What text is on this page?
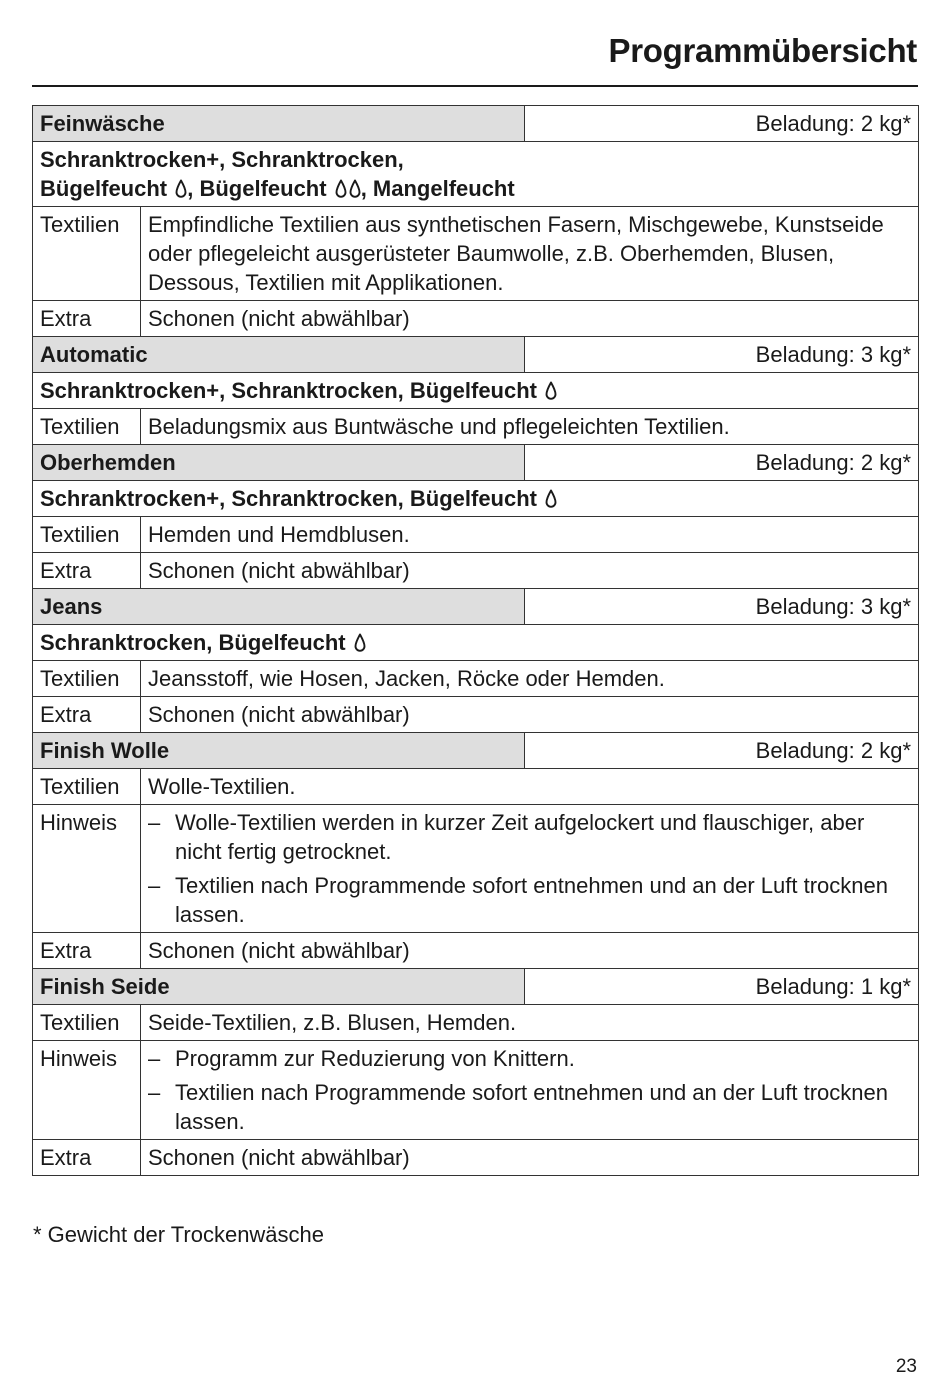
Programmübersicht
Feinwäsche		Beladung: 2 kg*

Schranktrocken+, Schranktrocken,
Bügelfeucht
, Bügelfeucht
, Mangelfeucht		

Textilien	Empfindliche Textilien aus synthetischen Fasern, Mischgewebe, Kunstseide oder pflegeleicht ausgerüsteter Baumwolle, z.B. Oberhemden, Blusen, Dessous, Textilien mit Applikationen.	
Extra	Schonen (nicht abwählbar)	
Automatic		Beladung: 3 kg*

Schranktrocken+, Schranktrocken, Bügelfeucht		

Textilien	Beladungsmix aus Buntwäsche und pflegeleichten Textilien.	
Oberhemden		Beladung: 2 kg*

Schranktrocken+, Schranktrocken, Bügelfeucht		

Textilien	Hemden und Hemdblusen.	
Extra	Schonen (nicht abwählbar)	
Jeans		Beladung: 3 kg*

Schranktrocken, Bügelfeucht		

Textilien	Jeansstoff, wie Hosen, Jacken, Röcke oder Hemden.	
Extra	Schonen (nicht abwählbar)	
Finish Wolle		Beladung: 2 kg*
Textilien	Wolle-Textilien.	
Hinweis	– Wolle-Textilien werden in kurzer Zeit aufgelockert und flauschiger, aber nicht fertig getrocknet.
– Textilien nach Programmende sofort entnehmen und an der Luft trocknen lassen.	

Extra	Schonen (nicht abwählbar)	
Finish Seide		Beladung: 1 kg*
Textilien	Seide-Textilien, z.B. Blusen, Hemden.	
Hinweis	– Programm zur Reduzierung von Knittern.
– Textilien nach Programmende sofort entnehmen und an der Luft trocknen lassen.	

Extra	Schonen (nicht abwählbar)	
* Gewicht der Trockenwäsche
23
